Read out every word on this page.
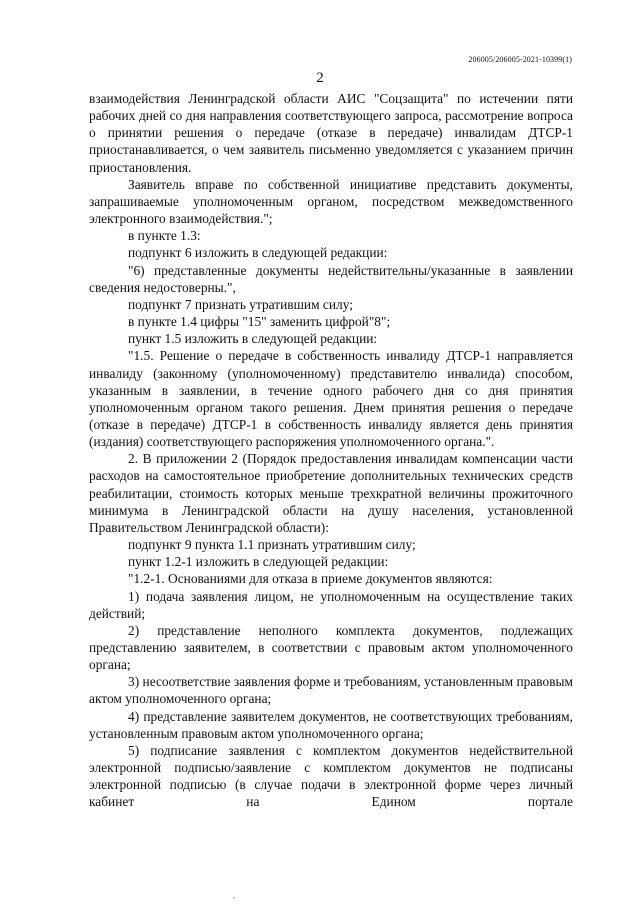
206005/206005-2021-10399(1)
2

взаимодействия Ленинградской области АИС "Соцзащита" по истечении пяти рабочих дней со дня направления соответствующего запроса, рассмотрение вопроса о принятии решения о передаче (отказе в передаче) инвалидам ДТСР-1 приостанавливается, о чем заявитель письменно уведомляется с указанием причин приостановления.

Заявитель вправе по собственной инициативе представить документы, запрашиваемые уполномоченным органом, посредством межведомственного электронного взаимодействия.";

в пункте 1.3:

подпункт 6 изложить в следующей редакции:

"6) представленные документы недействительны/указанные в заявлении сведения недостоверны.",

подпункт 7 признать утратившим силу;

в пункте 1.4 цифры "15" заменить цифрой"8";

пункт 1.5 изложить в следующей редакции:

"1.5. Решение о передаче в собственность инвалиду ДТСР-1 направляется инвалиду (законному (уполномоченному) представителю инвалида) способом, указанным в заявлении, в течение одного рабочего дня со дня принятия уполномоченным органом такого решения. Днем принятия решения о передаче (отказе в передаче) ДТСР-1 в собственность инвалиду является день принятия (издания) соответствующего распоряжения уполномоченного органа.".

2. В приложении 2 (Порядок предоставления инвалидам компенсации части расходов на самостоятельное приобретение дополнительных технических средств реабилитации, стоимость которых меньше трехкратной величины прожиточного минимума в Ленинградской области на душу населения, установленной Правительством Ленинградской области):

подпункт 9 пункта 1.1 признать утратившим силу;

пункт 1.2-1 изложить в следующей редакции:

"1.2-1. Основаниями для отказа в приеме документов являются:

1) подача заявления лицом, не уполномоченным на осуществление таких действий;

2) представление неполного комплекта документов, подлежащих представлению заявителем, в соответствии с правовым актом уполномоченного органа;

3) несоответствие заявления форме и требованиям, установленным правовым актом уполномоченного органа;

4) представление заявителем документов, не соответствующих требованиям, установленным правовым актом уполномоченного органа;

5) подписание заявления с комплектом документов недействительной электронной подписью/заявление с комплектом документов не подписаны электронной подписью (в случае подачи в электронной форме через личный кабинет на Едином портале
